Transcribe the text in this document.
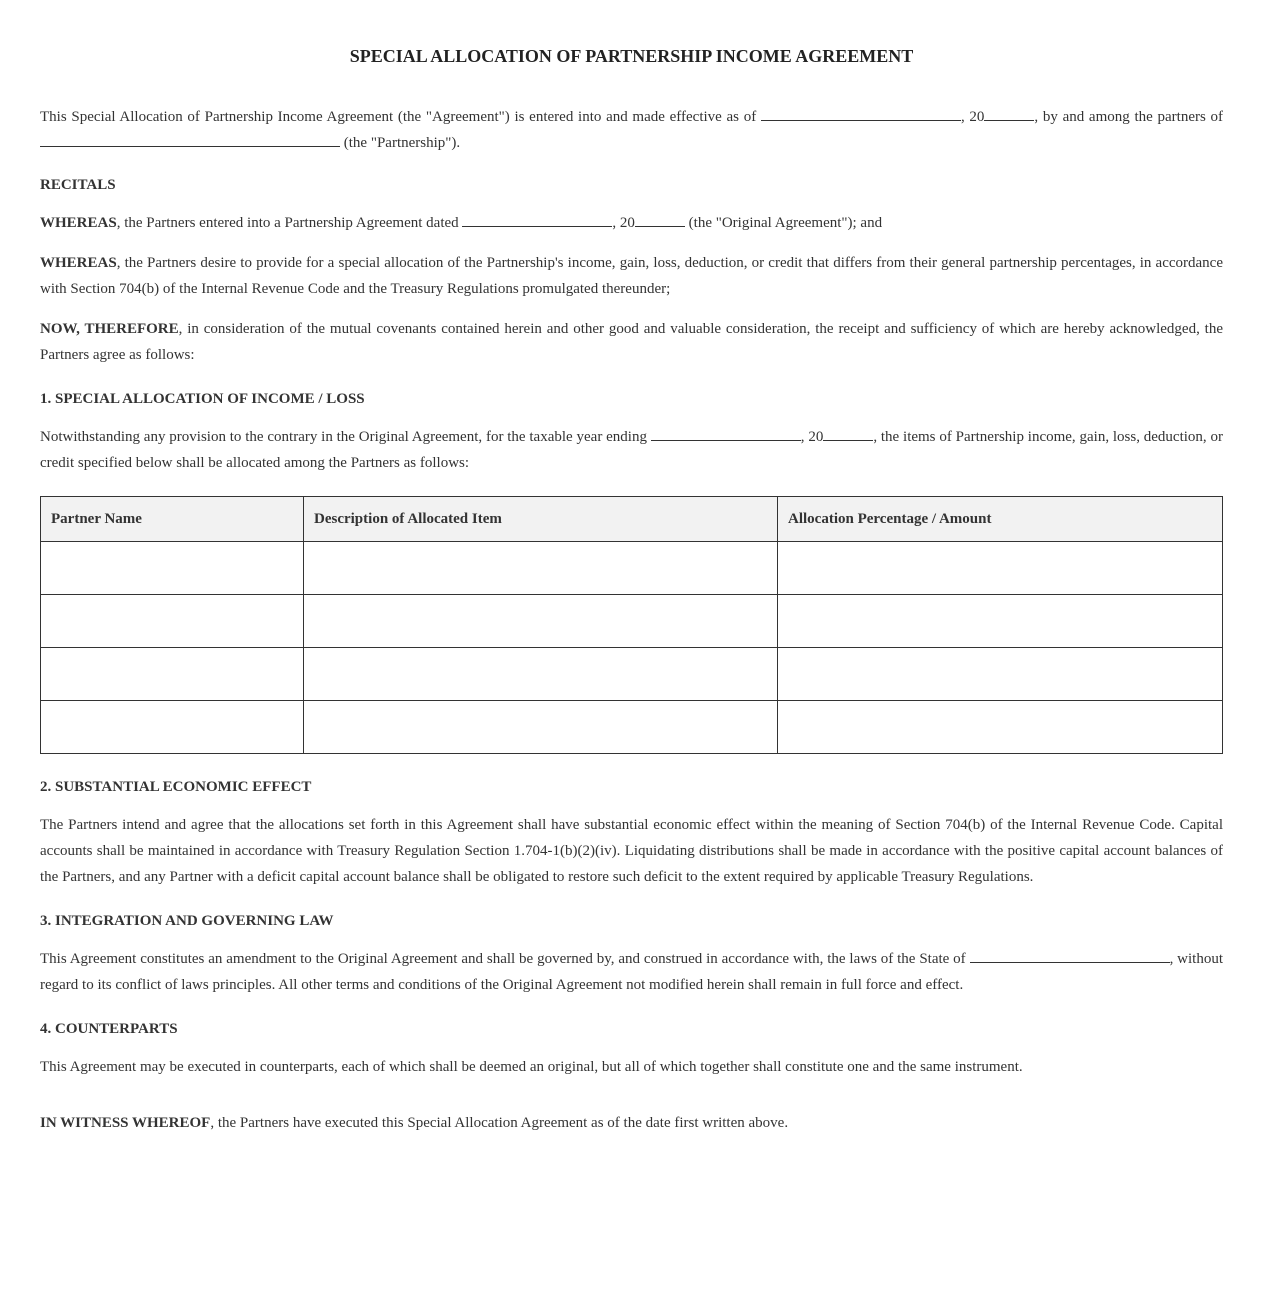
SPECIAL ALLOCATION OF PARTNERSHIP INCOME AGREEMENT

This Special Allocation of Partnership Income Agreement (the "Agreement") is entered into and made effective as of	, 20	, by and among the partners of  (the "Partnership").

RECITALS

WHEREAS, the Partners entered into a Partnership Agreement dated	, 20	(the "Original Agreement"); and

WHEREAS, the Partners desire to provide for a special allocation of the Partnership's income, gain, loss, deduction, or credit that differs from their general partnership percentages, in accordance with Section 704(b) of the Internal Revenue Code and the Treasury Regulations promulgated thereunder;

NOW, THEREFORE, in consideration of the mutual covenants contained herein and other good and valuable consideration, the receipt and sufficiency of which are hereby acknowledged, the Partners agree as follows:

1. SPECIAL ALLOCATION OF INCOME / LOSS

Notwithstanding any provision to the contrary in the Original Agreement, for the taxable year ending	, 20	, the items of Partnership income, gain, loss, deduction, or credit specified below shall be allocated among the Partners as follows:

Partner Name	Description of Allocated Item	Allocation Percentage / Amount

2. SUBSTANTIAL ECONOMIC EFFECT

The Partners intend and agree that the allocations set forth in this Agreement shall have substantial economic effect within the meaning of Section 704(b) of the Internal Revenue Code. Capital accounts shall be maintained in accordance with Treasury Regulation Section 1.704-1(b)(2)(iv). Liquidating distributions shall be made in accordance with the positive capital account balances of the Partners, and any Partner with a deficit capital account balance shall be obligated to restore such deficit to the extent required by applicable Treasury Regulations.

3. INTEGRATION AND GOVERNING LAW

This Agreement constitutes an amendment to the Original Agreement and shall be governed by, and construed in accordance with, the laws of the State of	, without regard to its conflict of laws principles. All other terms and conditions of the Original Agreement not modified herein shall remain in full force and effect.

4. COUNTERPARTS

This Agreement may be executed in counterparts, each of which shall be deemed an original, but all of which together shall constitute one and the same instrument.

IN WITNESS WHEREOF, the Partners have executed this Special Allocation Agreement as of the date first written above.
